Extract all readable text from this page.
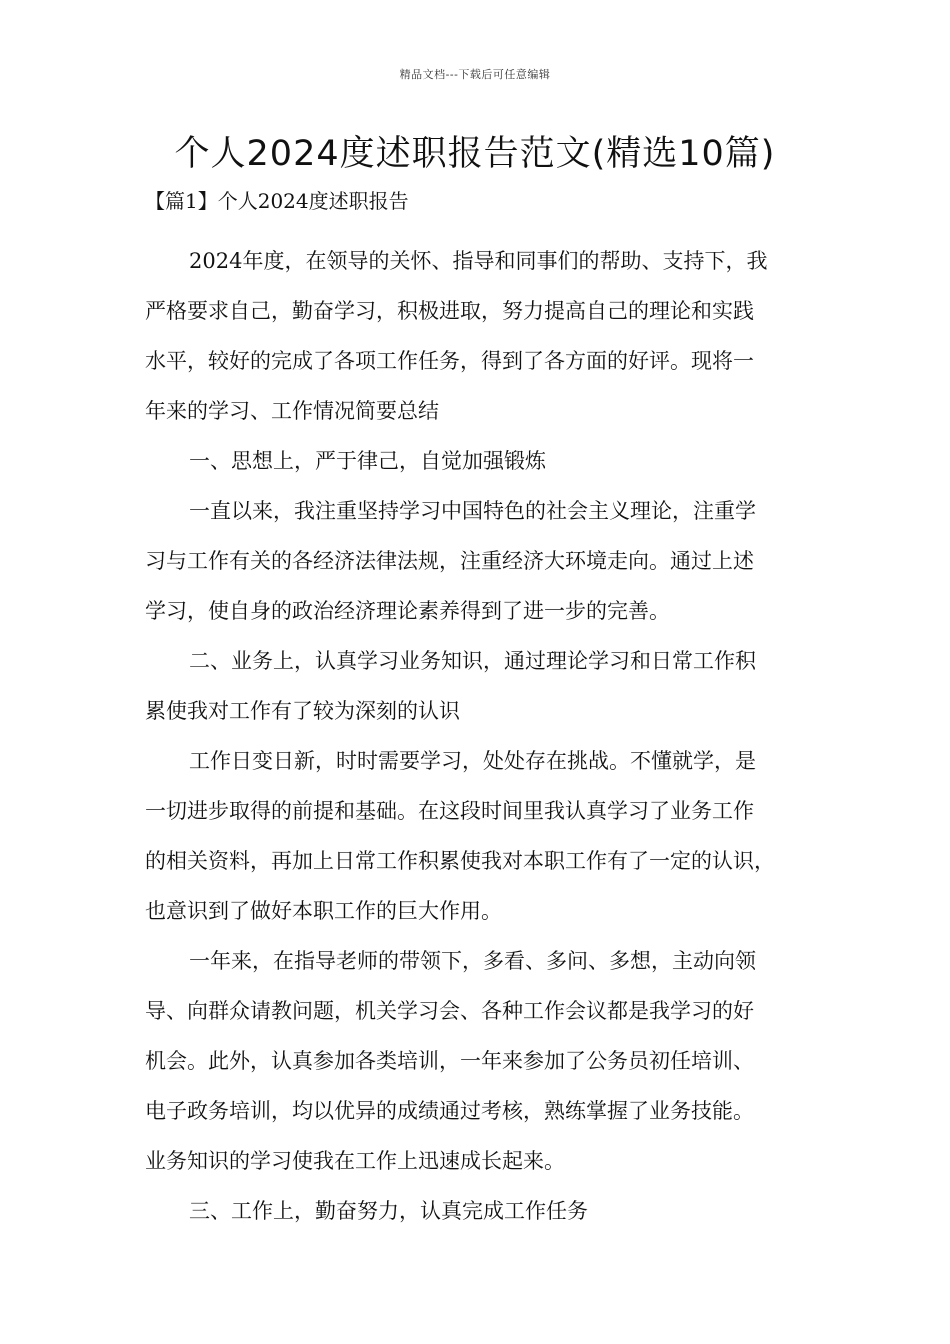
精品文档---下载后可任意编辑
个人2024度述职报告范文(精选10篇)
【篇1】个人2024度述职报告
2024年度，在领导的关怀、指导和同事们的帮助、支持下，我
严格要求自己，勤奋学习，积极进取，努力提高自己的理论和实践
水平，较好的完成了各项工作任务，得到了各方面的好评。现将一
年来的学习、工作情况简要总结
一、思想上，严于律己，自觉加强锻炼
一直以来，我注重坚持学习中国特色的社会主义理论，注重学
习与工作有关的各经济法律法规，注重经济大环境走向。通过上述
学习，使自身的政治经济理论素养得到了进一步的完善。
二、业务上，认真学习业务知识，通过理论学习和日常工作积
累使我对工作有了较为深刻的认识
工作日变日新，时时需要学习，处处存在挑战。不懂就学，是
一切进步取得的前提和基础。在这段时间里我认真学习了业务工作
的相关资料，再加上日常工作积累使我对本职工作有了一定的认识，
也意识到了做好本职工作的巨大作用。
一年来，在指导老师的带领下，多看、多问、多想，主动向领
导、向群众请教问题，机关学习会、各种工作会议都是我学习的好
机会。此外，认真参加各类培训，一年来参加了公务员初任培训、
电子政务培训，均以优异的成绩通过考核，熟练掌握了业务技能。
业务知识的学习使我在工作上迅速成长起来。
三、工作上，勤奋努力，认真完成工作任务
